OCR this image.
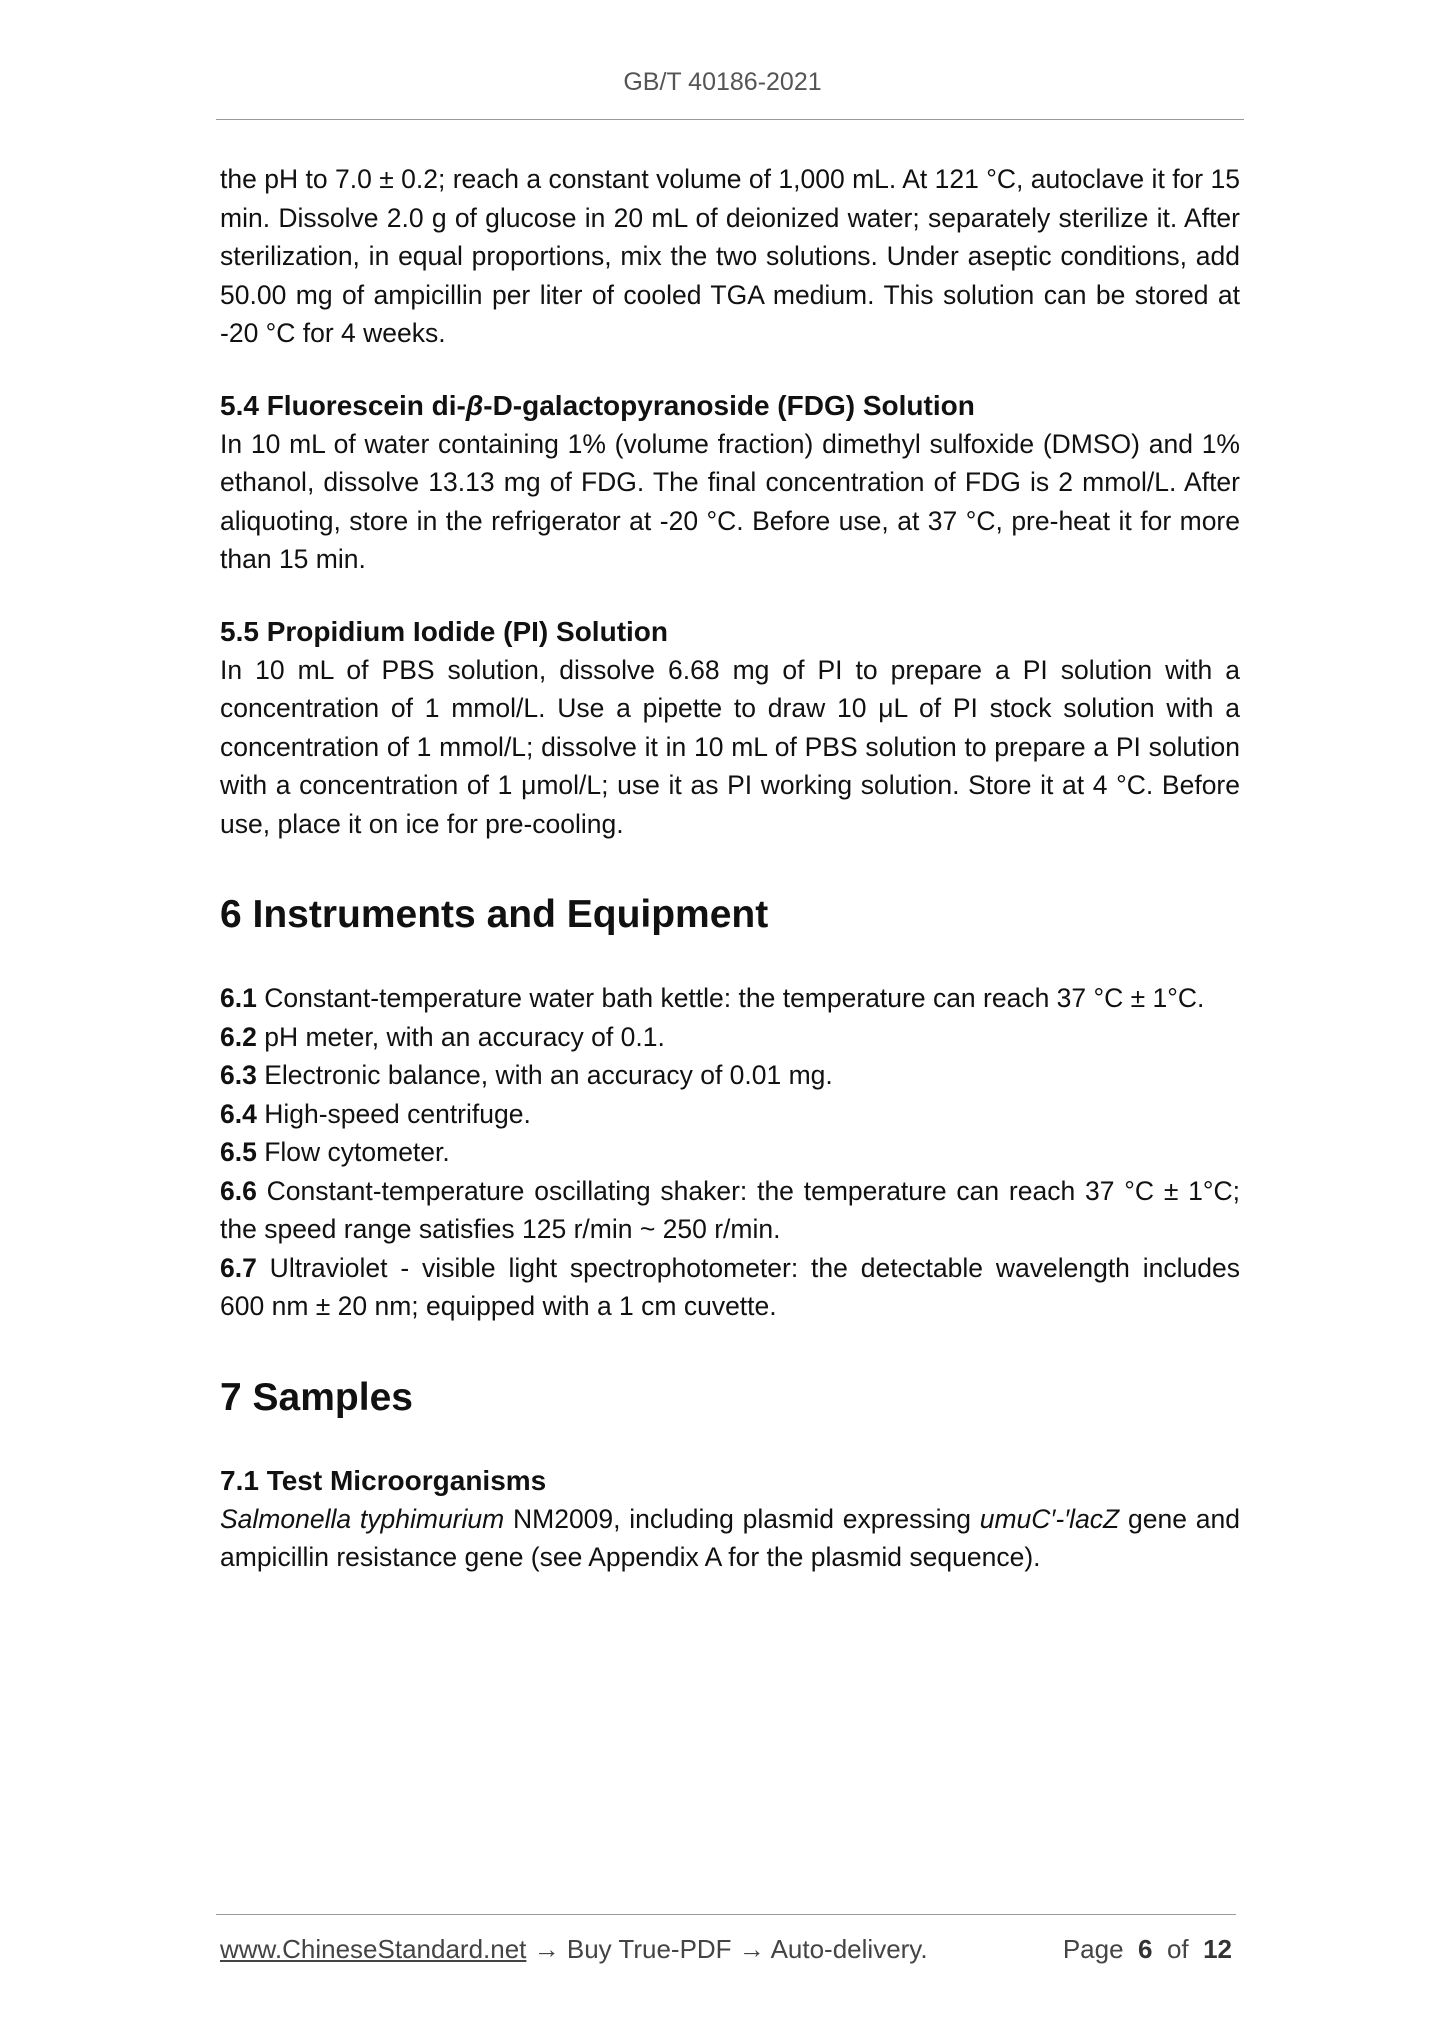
GB/T 40186-2021

the pH to 7.0 ± 0.2; reach a constant volume of 1,000 mL. At 121 °C, autoclave it for 15 min. Dissolve 2.0 g of glucose in 20 mL of deionized water; separately sterilize it. After sterilization, in equal proportions, mix the two solutions. Under aseptic conditions, add 50.00 mg of ampicillin per liter of cooled TGA medium. This solution can be stored at -20 °C for 4 weeks.

5.4 Fluorescein di-β-D-galactopyranoside (FDG) Solution

In 10 mL of water containing 1% (volume fraction) dimethyl sulfoxide (DMSO) and 1% ethanol, dissolve 13.13 mg of FDG. The final concentration of FDG is 2 mmol/L. After aliquoting, store in the refrigerator at -20 °C. Before use, at 37 °C, pre-heat it for more than 15 min.

5.5 Propidium Iodide (PI) Solution

In 10 mL of PBS solution, dissolve 6.68 mg of PI to prepare a PI solution with a concentration of 1 mmol/L. Use a pipette to draw 10 μL of PI stock solution with a concentration of 1 mmol/L; dissolve it in 10 mL of PBS solution to prepare a PI solution with a concentration of 1 μmol/L; use it as PI working solution. Store it at 4 °C. Before use, place it on ice for pre-cooling.

6 Instruments and Equipment

6.1 Constant-temperature water bath kettle: the temperature can reach 37 °C ± 1°C.

6.2 pH meter, with an accuracy of 0.1.

6.3 Electronic balance, with an accuracy of 0.01 mg.

6.4 High-speed centrifuge.

6.5 Flow cytometer.

6.6 Constant-temperature oscillating shaker: the temperature can reach 37 °C ± 1°C; the speed range satisfies 125 r/min ~ 250 r/min.

6.7 Ultraviolet - visible light spectrophotometer: the detectable wavelength includes 600 nm ± 20 nm; equipped with a 1 cm cuvette.

7 Samples
7.1 Test Microorganisms

Salmonella typhimurium NM2009, including plasmid expressing umuC′-′lacZ gene and ampicillin resistance gene (see Appendix A for the plasmid sequence).

www.ChineseStandard.net → Buy True-PDF → Auto-delivery.	Page 6 of 12
